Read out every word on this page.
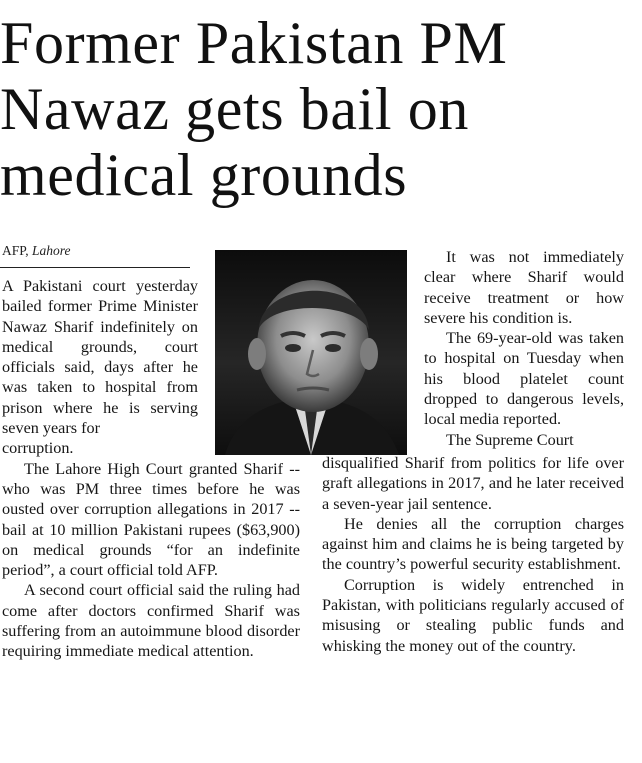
Former Pakistan PM Nawaz gets bail on medical grounds
AFP, Lahore

A Pakistani court yesterday bailed former Prime Minister Nawaz Sharif indefinitely on medical grounds, court officials said, days after he was taken to hospital from prison where he is serving seven years for

corruption.

The Lahore High Court granted Sharif -- who was PM three times before he was ousted over corruption allegations in 2017 -- bail at 10 million Pakistani rupees ($63,900) on medical grounds “for an indefinite period”, a court official told AFP.

A second court official said the ruling had come after doctors confirmed Sharif was suffering from an autoimmune blood disorder requiring immediate medical attention.

It was not immediately clear where Sharif would receive treatment or how severe his condition is.

The 69-year-old was taken to hospital on Tuesday when his blood platelet count dropped to dangerous levels, local media reported.

The Supreme Court

disqualified Sharif from politics for life over graft allegations in 2017, and he later received a seven-year jail sentence.

He denies all the corruption charges against him and claims he is being targeted by the country’s powerful security establishment.

Corruption is widely entrenched in Pakistan, with politicians regularly accused of misusing or stealing public funds and whisking the money out of the country.
